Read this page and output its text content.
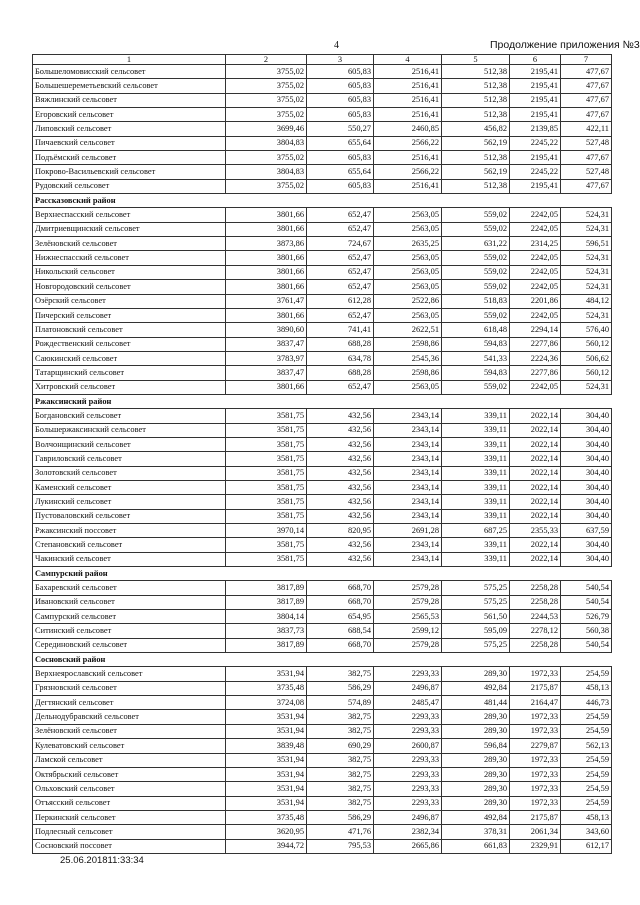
4	Продолжение приложения №3
1	2	3	4	5	6	7
Большеломовисский сельсовет	3755,02	605,83	2516,41	512,38	2195,41	477,67
Большешереметьевский сельсовет	3755,02	605,83	2516,41	512,38	2195,41	477,67
Вяжлинский сельсовет	3755,02	605,83	2516,41	512,38	2195,41	477,67
Егоровский сельсовет	3755,02	605,83	2516,41	512,38	2195,41	477,67
Липовский сельсовет	3699,46	550,27	2460,85	456,82	2139,85	422,11
Пичаевский сельсовет	3804,83	655,64	2566,22	562,19	2245,22	527,48
Подъёмский сельсовет	3755,02	605,83	2516,41	512,38	2195,41	477,67
Покрово-Васильевский сельсовет	3804,83	655,64	2566,22	562,19	2245,22	527,48
Рудовский сельсовет	3755,02	605,83	2516,41	512,38	2195,41	477,67
Рассказовский район						
Верхнеспасский сельсовет	3801,66	652,47	2563,05	559,02	2242,05	524,31
Дмитриевщинский сельсовет	3801,66	652,47	2563,05	559,02	2242,05	524,31
Зелёновский сельсовет	3873,86	724,67	2635,25	631,22	2314,25	596,51
Нижнеспасский сельсовет	3801,66	652,47	2563,05	559,02	2242,05	524,31
Никольский сельсовет	3801,66	652,47	2563,05	559,02	2242,05	524,31
Новгородовский сельсовет	3801,66	652,47	2563,05	559,02	2242,05	524,31
Озёрский сельсовет	3761,47	612,28	2522,86	518,83	2201,86	484,12
Пичерский сельсовет	3801,66	652,47	2563,05	559,02	2242,05	524,31
Платоновский сельсовет	3890,60	741,41	2622,51	618,48	2294,14	576,40
Рождественский сельсовет	3837,47	688,28	2598,86	594,83	2277,86	560,12
Саюкинский сельсовет	3783,97	634,78	2545,36	541,33	2224,36	506,62
Татарщинский сельсовет	3837,47	688,28	2598,86	594,83	2277,86	560,12
Хитровский сельсовет	3801,66	652,47	2563,05	559,02	2242,05	524,31
Ржаксинский район						
Богдановский сельсовет	3581,75	432,56	2343,14	339,11	2022,14	304,40
Большержаксинский сельсовет	3581,75	432,56	2343,14	339,11	2022,14	304,40
Волчонщинский сельсовет	3581,75	432,56	2343,14	339,11	2022,14	304,40
Гавриловский сельсовет	3581,75	432,56	2343,14	339,11	2022,14	304,40
Золотовский сельсовет	3581,75	432,56	2343,14	339,11	2022,14	304,40
Каменский сельсовет	3581,75	432,56	2343,14	339,11	2022,14	304,40
Лукинский сельсовет	3581,75	432,56	2343,14	339,11	2022,14	304,40
Пустоваловский сельсовет	3581,75	432,56	2343,14	339,11	2022,14	304,40
Ржаксинский поссовет	3970,14	820,95	2691,28	687,25	2355,33	637,59
Степановский сельсовет	3581,75	432,56	2343,14	339,11	2022,14	304,40
Чакинский сельсовет	3581,75	432,56	2343,14	339,11	2022,14	304,40
Сампурский район						
Бахаревский сельсовет	3817,89	668,70	2579,28	575,25	2258,28	540,54
Ивановский сельсовет	3817,89	668,70	2579,28	575,25	2258,28	540,54
Сампурский сельсовет	3804,14	654,95	2565,53	561,50	2244,53	526,79
Ситинский сельсовет	3837,73	688,54	2599,12	595,09	2278,12	560,38
Серединовский сельсовет	3817,89	668,70	2579,28	575,25	2258,28	540,54
Сосновский район						
Верхнеярославский сельсовет	3531,94	382,75	2293,33	289,30	1972,33	254,59
Грязновский сельсовет	3735,48	586,29	2496,87	492,84	2175,87	458,13
Дегтянский сельсовет	3724,08	574,89	2485,47	481,44	2164,47	446,73
Дельнодубравский сельсовет	3531,94	382,75	2293,33	289,30	1972,33	254,59
Зелёновский сельсовет	3531,94	382,75	2293,33	289,30	1972,33	254,59
Кулеватовский сельсовет	3839,48	690,29	2600,87	596,84	2279,87	562,13
Ламской сельсовет	3531,94	382,75	2293,33	289,30	1972,33	254,59
Октябрьский сельсовет	3531,94	382,75	2293,33	289,30	1972,33	254,59
Ольховский сельсовет	3531,94	382,75	2293,33	289,30	1972,33	254,59
Отъясский сельсовет	3531,94	382,75	2293,33	289,30	1972,33	254,59
Перкинский сельсовет	3735,48	586,29	2496,87	492,84	2175,87	458,13
Подлесный сельсовет	3620,95	471,76	2382,34	378,31	2061,34	343,60
Сосновский поссовет	3944,72	795,53	2665,86	661,83	2329,91	612,17
25.06.201811:33:34
